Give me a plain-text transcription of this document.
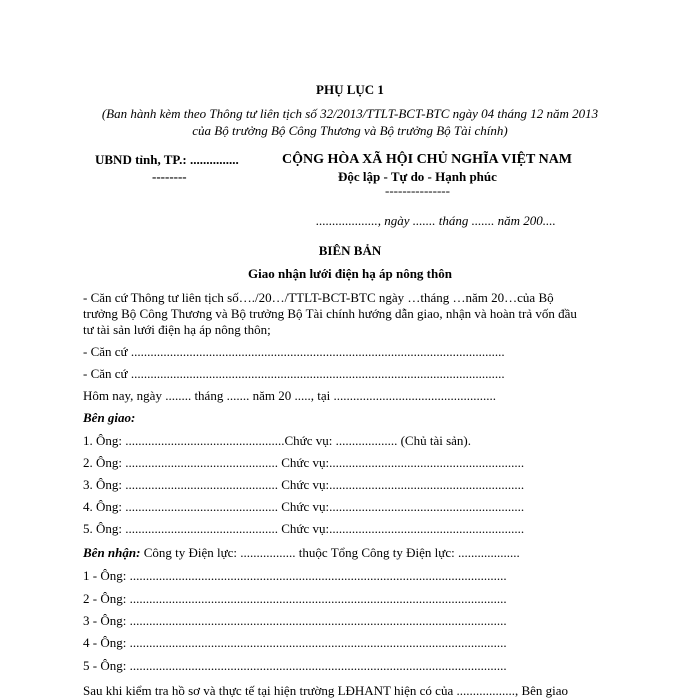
PHỤ LỤC 1
(Ban hành kèm theo Thông tư liên tịch số 32/2013/TTLT-BCT-BTC ngày 04 tháng 12 năm 2013
của Bộ trưởng Bộ Công Thương và Bộ trưởng Bộ Tài chính)
UBND tỉnh, TP.: ...............
--------
CỘNG HÒA XÃ HỘI CHỦ NGHĨA VIỆT NAM
Độc lập - Tự do - Hạnh phúc
---------------
..................., ngày ....... tháng ....... năm 200....
BIÊN BẢN
Giao nhận lưới điện hạ áp nông thôn
- Căn cứ Thông tư liên tịch số…./20…/TTLT-BCT-BTC ngày …tháng …năm 20…của Bộ
trưởng Bộ Công Thương và Bộ trưởng Bộ Tài chính hướng dẫn giao, nhận và hoàn trả vốn đầu
tư tài sản lưới điện hạ áp nông thôn;
- Căn cứ ...................................................................................................................
- Căn cứ ...................................................................................................................
Hôm nay, ngày ........ tháng ....... năm 20 ....., tại ..................................................
Bên giao:
1. Ông: .................................................Chức vụ: ................... (Chủ tài sản).
2. Ông: ............................................... Chức vụ:............................................................
3. Ông: ............................................... Chức vụ:............................................................
4. Ông: ............................................... Chức vụ:............................................................
5. Ông: ............................................... Chức vụ:............................................................
Bên nhận: Công ty Điện lực: ................. thuộc Tổng Công ty Điện lực: ...................
1 - Ông: ....................................................................................................................
2 - Ông: ....................................................................................................................
3 - Ông: ....................................................................................................................
4 - Ông: ....................................................................................................................
5 - Ông: ....................................................................................................................
Sau khi kiểm tra hồ sơ và thực tế tại hiện trường LĐHANT hiện có của .................., Bên giao
